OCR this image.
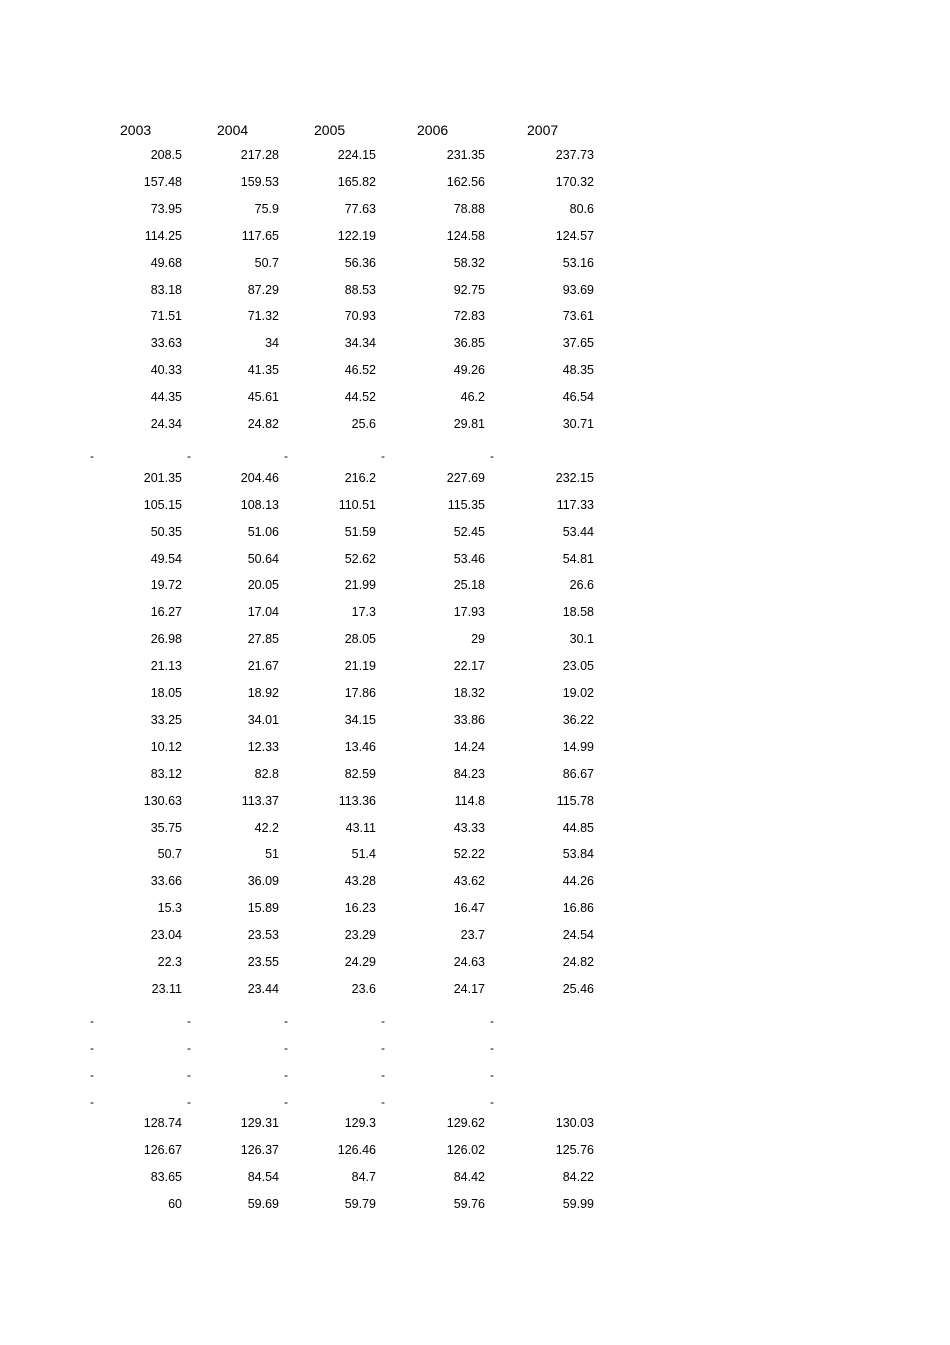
2003	2004	2005	2006	2007
208.5	217.28	224.15	231.35	237.73
157.48	159.53	165.82	162.56	170.32
73.95	75.9	77.63	78.88	80.6
114.25	117.65	122.19	124.58	124.57
49.68	50.7	56.36	58.32	53.16
83.18	87.29	88.53	92.75	93.69
71.51	71.32	70.93	72.83	73.61
33.63	34	34.34	36.85	37.65
40.33	41.35	46.52	49.26	48.35
44.35	45.61	44.52	46.2	46.54
24.34	24.82	25.6	29.81	30.71
-	-	-	-	-
201.35	204.46	216.2	227.69	232.15
105.15	108.13	110.51	115.35	117.33
50.35	51.06	51.59	52.45	53.44
49.54	50.64	52.62	53.46	54.81
19.72	20.05	21.99	25.18	26.6
16.27	17.04	17.3	17.93	18.58
26.98	27.85	28.05	29	30.1
21.13	21.67	21.19	22.17	23.05
18.05	18.92	17.86	18.32	19.02
33.25	34.01	34.15	33.86	36.22
10.12	12.33	13.46	14.24	14.99
83.12	82.8	82.59	84.23	86.67
130.63	113.37	113.36	114.8	115.78
35.75	42.2	43.11	43.33	44.85
50.7	51	51.4	52.22	53.84
33.66	36.09	43.28	43.62	44.26
15.3	15.89	16.23	16.47	16.86
23.04	23.53	23.29	23.7	24.54
22.3	23.55	24.29	24.63	24.82
23.11	23.44	23.6	24.17	25.46
-	-	-	-	-
-	-	-	-	-
-	-	-	-	-
-	-	-	-	-
128.74	129.31	129.3	129.62	130.03
126.67	126.37	126.46	126.02	125.76
83.65	84.54	84.7	84.42	84.22
60	59.69	59.79	59.76	59.99
